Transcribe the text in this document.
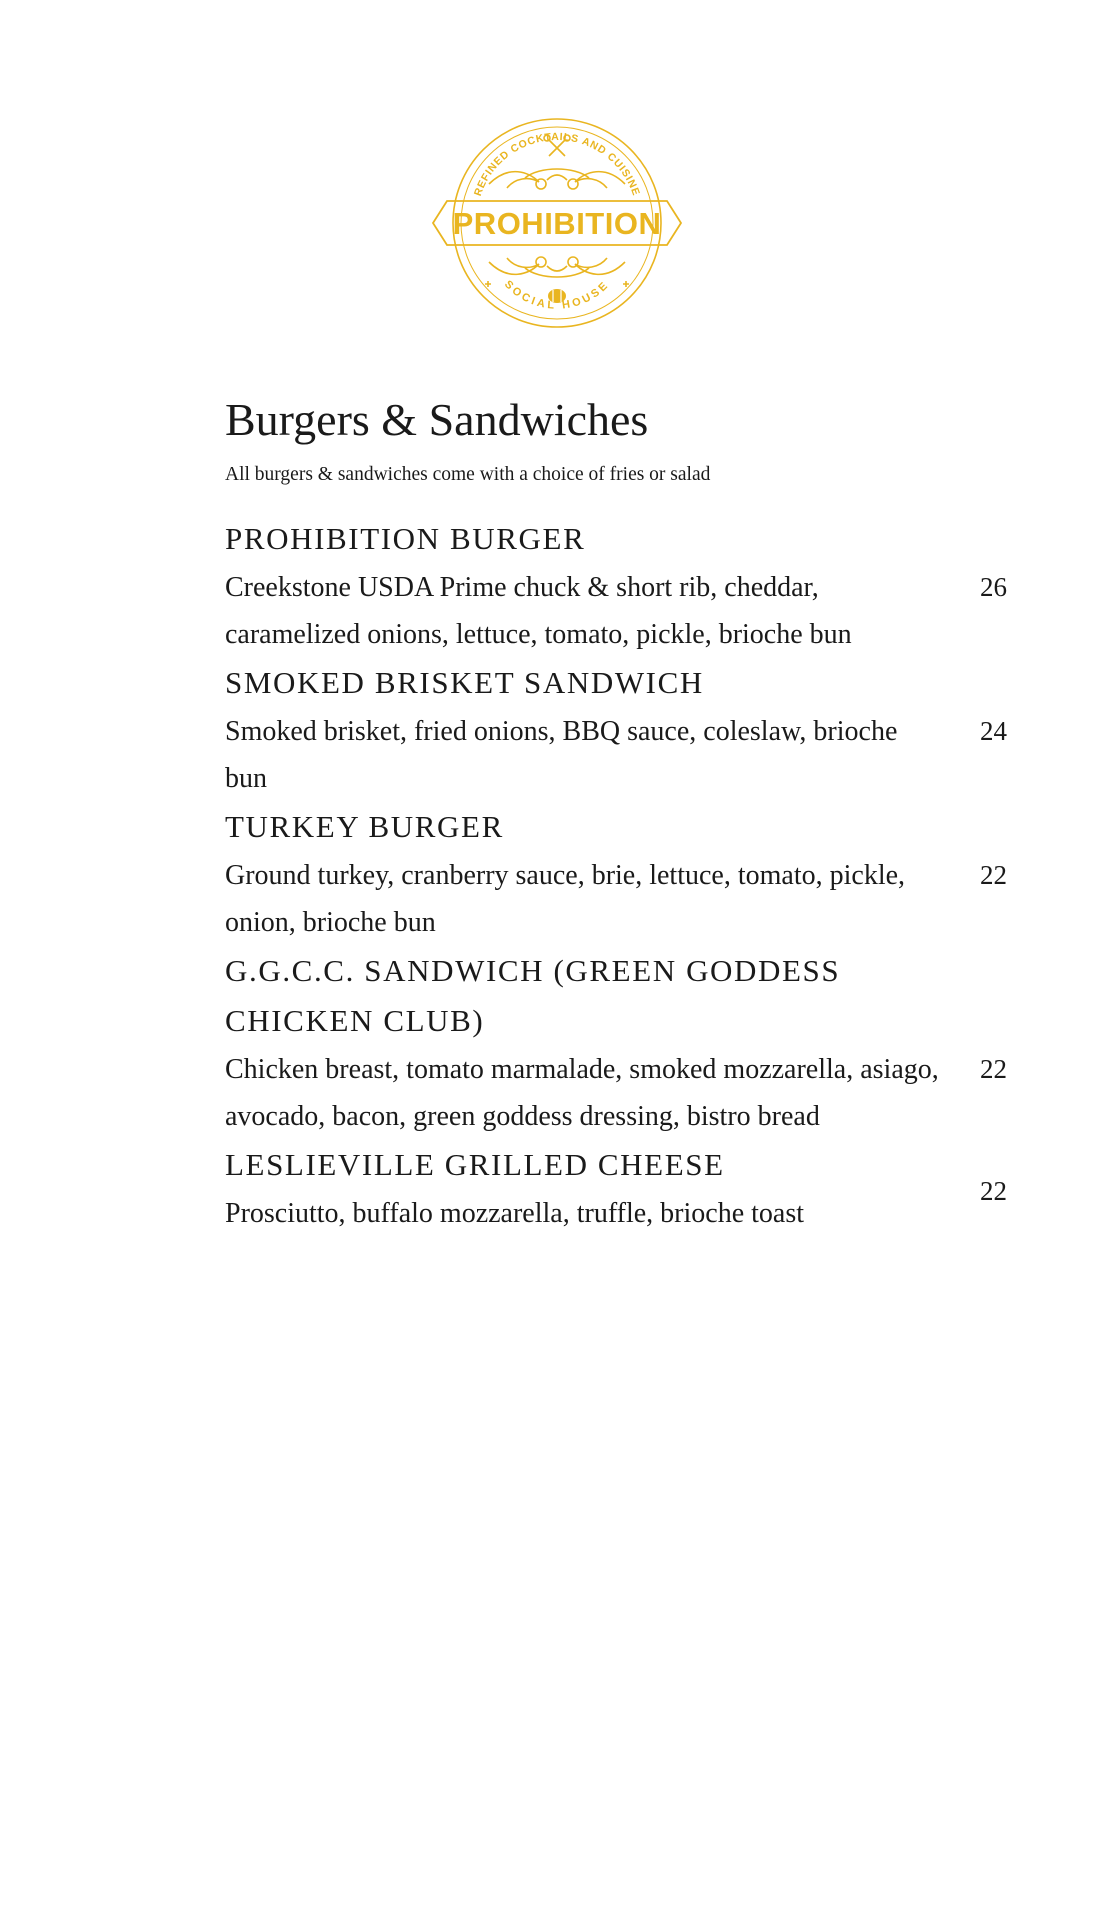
REFINED COCKTAILS AND CUISINE
SOCIAL HOUSE
PROHIBITION
Burgers & Sandwiches

All burgers & sandwiches come with a choice of fries or salad

PROHIBITION BURGER

26

Creekstone USDA Prime chuck & short rib, cheddar, caramelized onions, lettuce, tomato, pickle, brioche bun

SMOKED BRISKET SANDWICH

24

Smoked brisket, fried onions, BBQ sauce, coleslaw, brioche bun

TURKEY BURGER

22

Ground turkey, cranberry sauce, brie, lettuce, tomato, pickle, onion, brioche bun

G.G.C.C. SANDWICH (GREEN GODDESS CHICKEN CLUB)

22

Chicken breast, tomato marmalade, smoked mozzarella, asiago, avocado, bacon, green goddess dressing, bistro bread

LESLIEVILLE GRILLED CHEESE

22

Prosciutto, buffalo mozzarella, truffle, brioche toast
